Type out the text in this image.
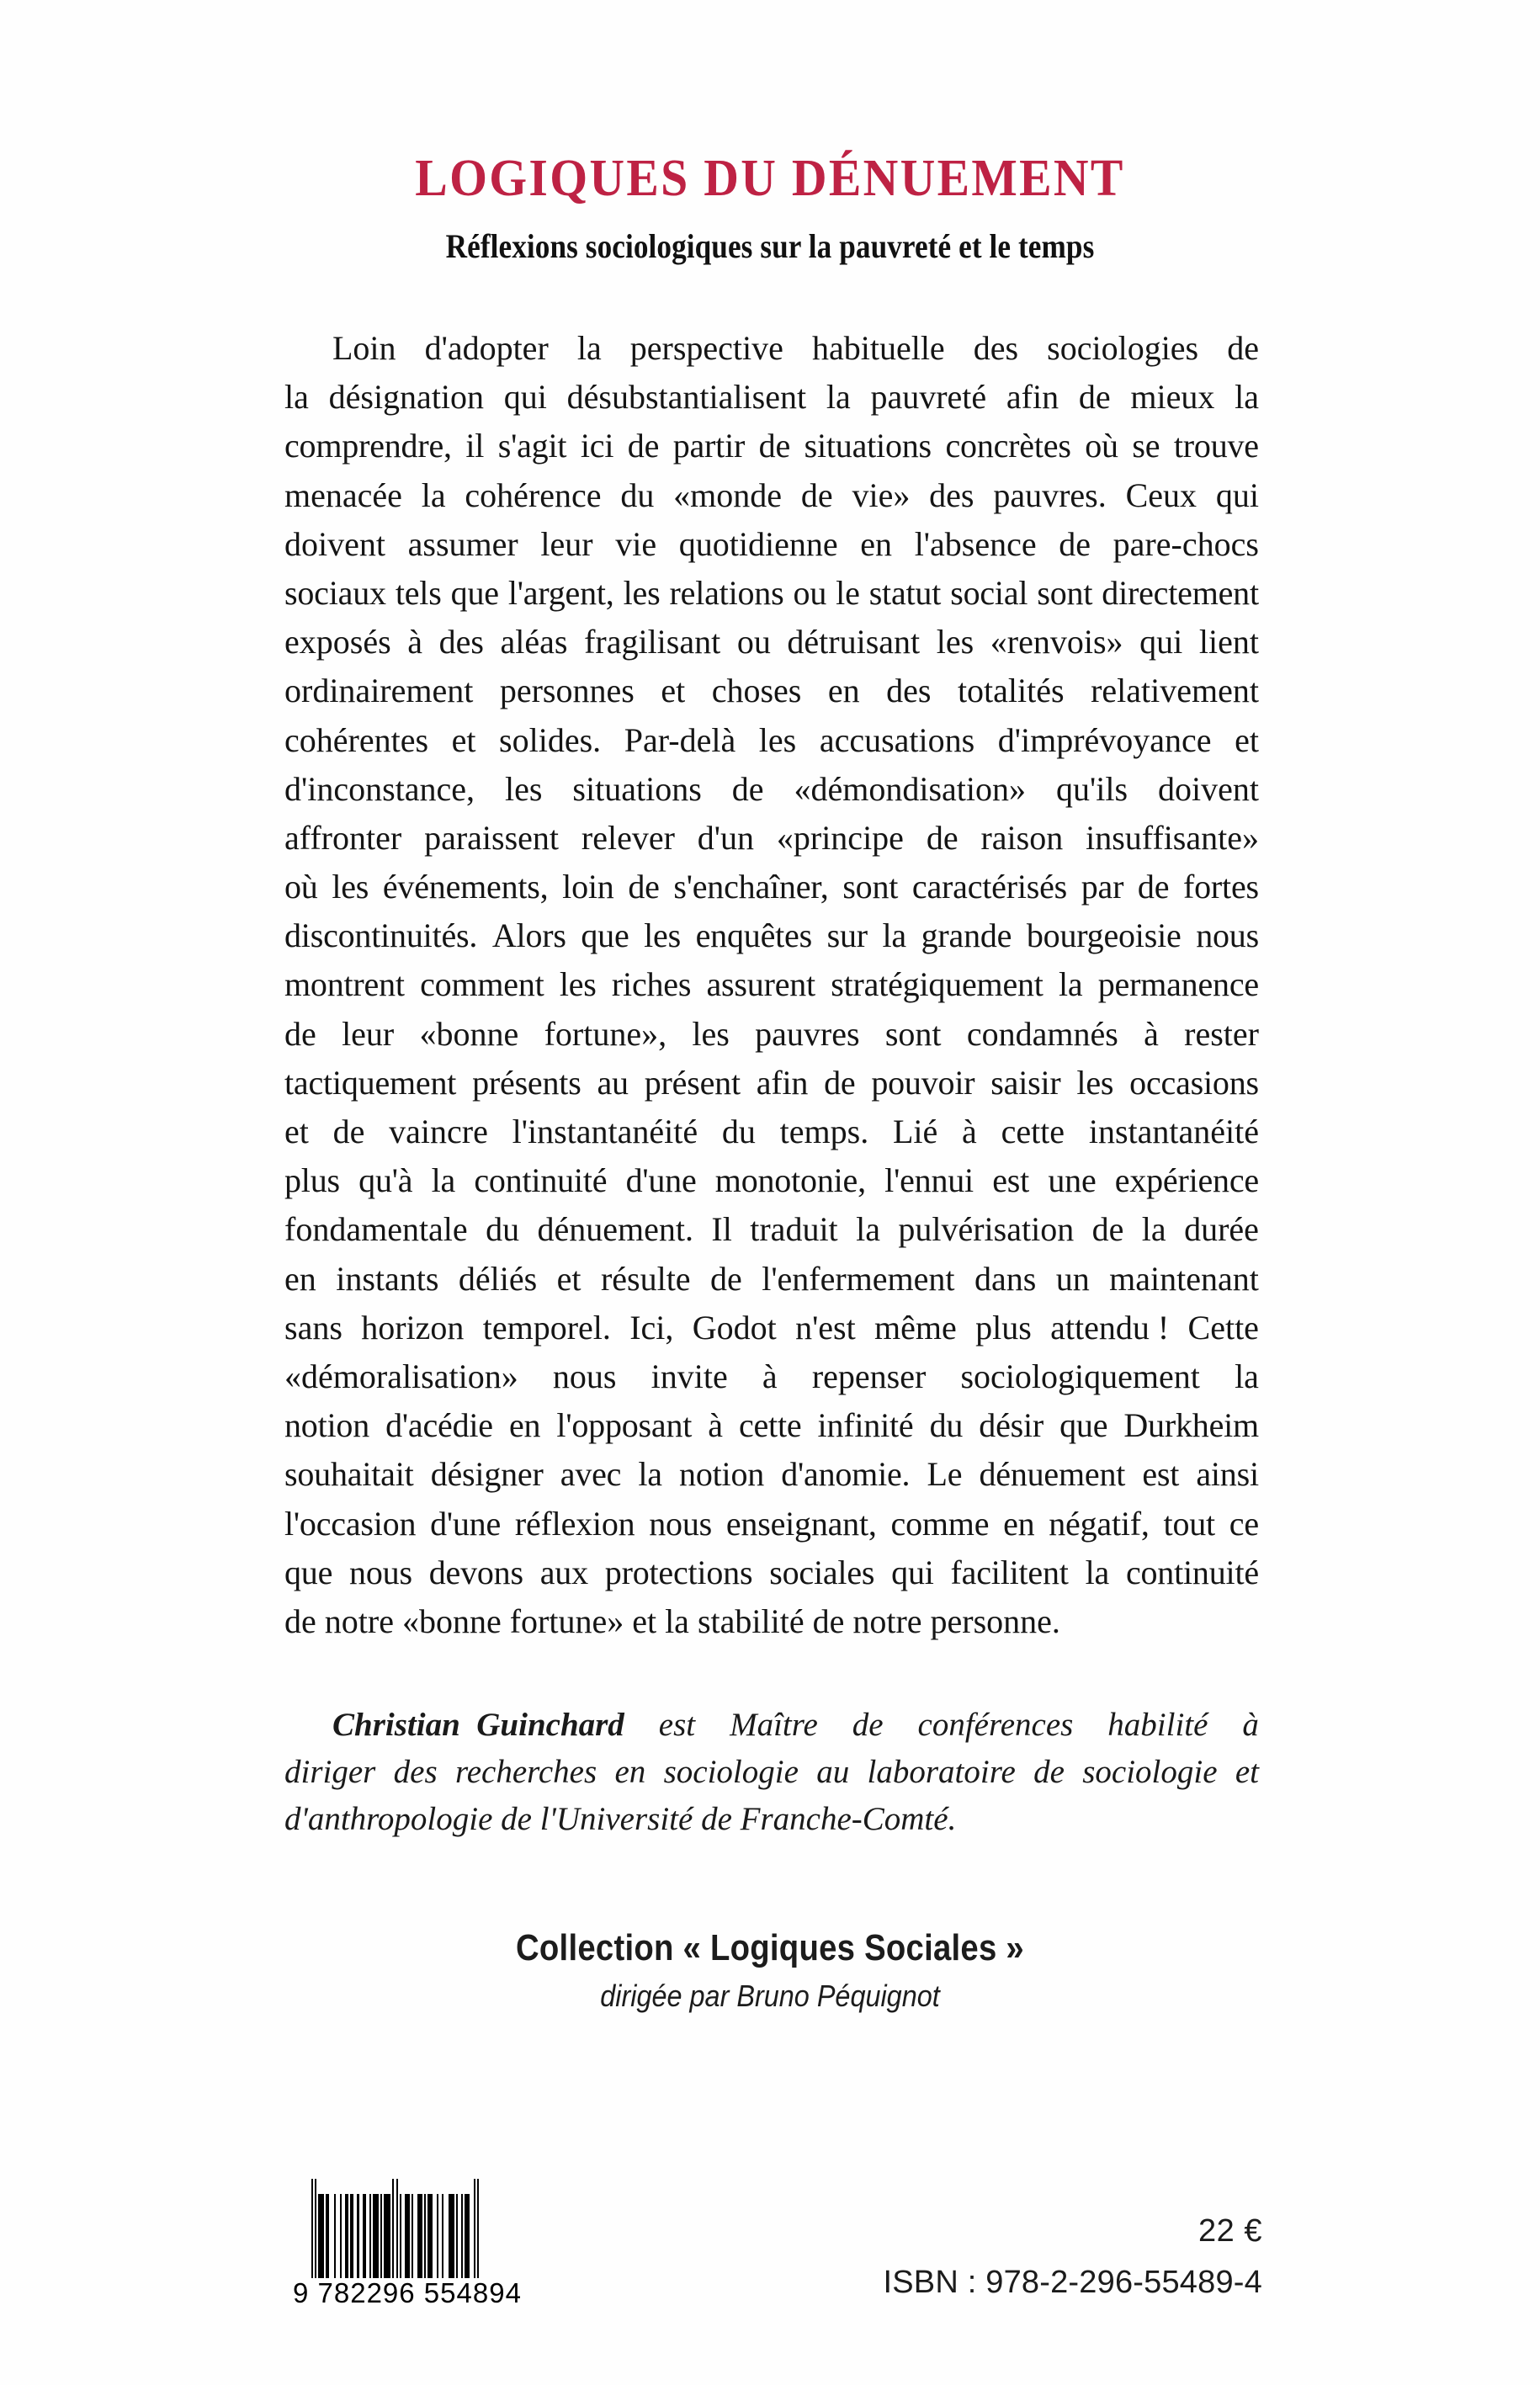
LOGIQUES DU DÉNUEMENT
Réflexions sociologiques sur la pauvreté et le temps
Loin d'adopter la perspective habituelle des sociologies de
la désignation qui désubstantialisent la pauvreté afin de mieux la
comprendre, il s'agit ici de partir de situations concrètes où se trouve
menacée la cohérence du «monde de vie» des pauvres. Ceux qui
doivent assumer leur vie quotidienne en l'absence de pare-chocs
sociaux tels que l'argent, les relations ou le statut social sont directement
exposés à des aléas fragilisant ou détruisant les «renvois» qui lient
ordinairement personnes et choses en des totalités relativement
cohérentes et solides. Par-delà les accusations d'imprévoyance et
d'inconstance, les situations de «démondisation» qu'ils doivent
affronter paraissent relever d'un «principe de raison insuffisante»
où les événements, loin de s'enchaîner, sont caractérisés par de fortes
discontinuités. Alors que les enquêtes sur la grande bourgeoisie nous
montrent comment les riches assurent stratégiquement la permanence
de leur «bonne fortune», les pauvres sont condamnés à rester
tactiquement présents au présent afin de pouvoir saisir les occasions
et de vaincre l'instantanéité du temps. Lié à cette instantanéité
plus qu'à la continuité d'une monotonie, l'ennui est une expérience
fondamentale du dénuement. Il traduit la pulvérisation de la durée
en instants déliés et résulte de l'enfermement dans un maintenant
sans horizon temporel. Ici, Godot n'est même plus attendu ! Cette
«démoralisation» nous invite à repenser sociologiquement la
notion d'acédie en l'opposant à cette infinité du désir que Durkheim
souhaitait désigner avec la notion d'anomie. Le dénuement est ainsi
l'occasion d'une réflexion nous enseignant, comme en négatif, tout ce
que nous devons aux protections sociales qui facilitent la continuité
de notre «bonne fortune» et la stabilité de notre personne.
Christian  Guinchard est Maître de conférences habilité à
diriger des recherches en sociologie au laboratoire de sociologie et
d'anthropologie de l'Université de Franche-Comté.
Collection « Logiques Sociales »
dirigée par Bruno Péquignot
9 782296 554894
22 €
ISBN : 978-2-296-55489-4
